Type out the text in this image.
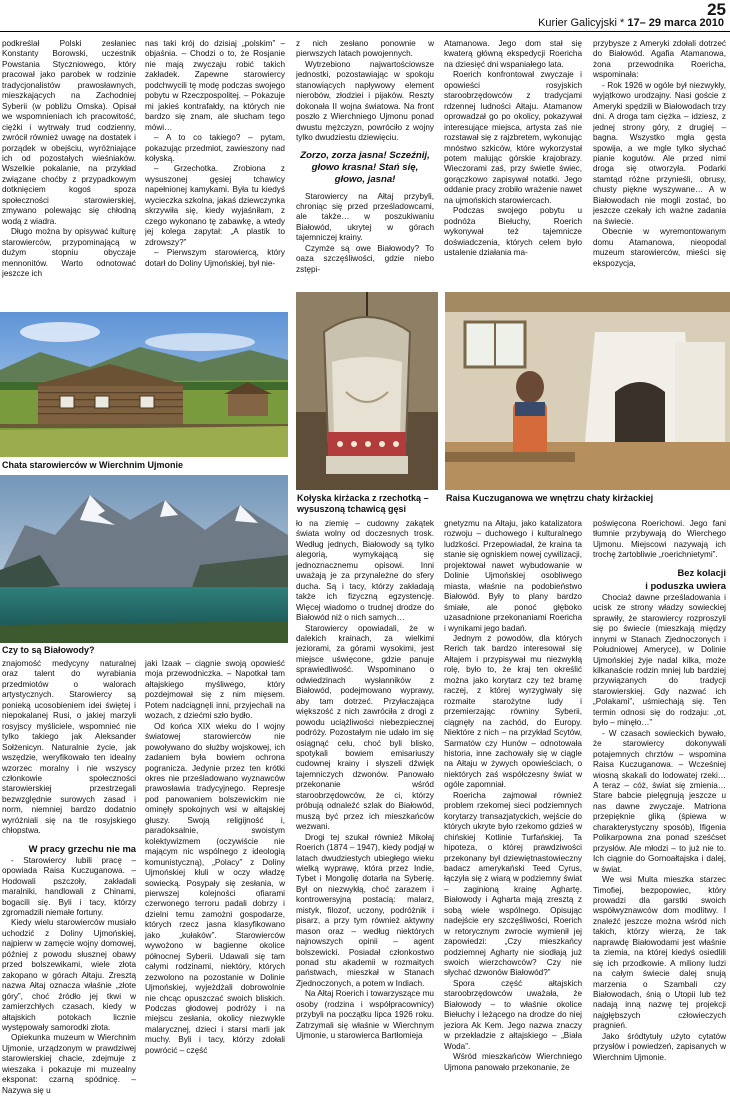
25
Kurier Galicyjski * 17– 29 marca 2010

podkreślał Polski zesłaniec Konstanty Borowski, uczestnik Powstania Styczniowego, który pracował jako parobek w rodzinie tradycjonalistów prawosławnych, mieszkających na Zachodniej Syberii (w pobliżu Omska). Opisał we wspomnieniach ich pracowitość, ciężki i wytrwały trud codzienny, zwrócił również uwagę na dostatek i porządek w obejściu, wyróżniające ich od pozostałych wieśniaków. Wszelkie pokalanie, na przykład związane choćby z przypadkowym dotknięciem kogoś spoza społeczności starowierskiej, zmywano polewając się chłodną wodą z wiadra.

Długo można by opisywać kulturę starowierców, przypominającą w dużym stopniu obyczaje mennonitów. Warto odnotować jeszcze ich

nas taki krój do dzisiaj „polskim” – objaśnia. – Chodzi o to, że Rosjanie nie mają zwyczaju robić takich zakładek. Zapewne starowiercy podchwycili tę modę podczas swojego pobytu w Rzeczpospolitej. – Pokazuje mi jakieś kontrafałdy, na których nie bardzo się znam, ale słucham tego mówi…

– A to co takiego? – pytam, pokazując przedmiot, zawieszony nad kołyską.

– Grzechotka. Zrobiona z wysuszonej gęsiej tchawicy napełnionej kamykami. Była tu kiedyś wycieczka szkolna, jakaś dziewczynka skrzywiła się, kiedy wyjaśniłam, z czego wykonano tę zabawkę, a wtedy jej kolega zapytał: „A plastik to zdrowszy?”

– Pierwszym starowiercą, który dotarł do Doliny Ujmońskiej, był nie-

z nich zesłano ponownie w pierwszych latach powojennych.

Wytrzebiono najwartościowsze jednostki, pozostawiając w spokoju stanowiących napływowy element nierobów, złodziei i pijaków. Reszty dokonała II wojna światowa. Na front poszło z Wierchniego Ujmonu ponad dwustu mężczyzn, powróciło z wojny tylko dwudziestu dziewięciu.

Zorzo, zorza jasna! Sczeźnij, głowo krasna! Stań się, głowo, jasna!

Starowiercy na Ałtaj przybyli, chroniąc się przed prześladowcami, ale także… w poszukiwaniu Białowód, ukrytej w górach tajemniczej krainy.

Czymże są owe Białowody? To oaza szczęśliwości, gdzie niebo zstępi-

Atamanowa. Jego dom stał się kwaterą główną ekspedycji Roericha na dziesięć dni wspaniałego lata.

Roerich konfrontował zwyczaje i opowieści rosyjskich staroobrzędowców z tradycjami rdzennej ludności Ałtaju. Atamanow oprowadzał go po okolicy, pokazywał interesujące miejsca, artysta zaś nie rozstawał się z rajzbretem, wykonując mnóstwo szkiców, które wykorzystał potem malując górskie krajobrazy. Wieczorami zaś, przy świetle świec, gorączkowo zapisywał notatki. Jego oddanie pracy zrobiło wrażenie nawet na ujmońskich starowiercach.

Podczas swojego pobytu u podnóża Biełuchy, Roerich wykonywał też tajemnicze doświadczenia, których celem było ustalenie działania ma-

przybysze z Ameryki zdołali dotrzeć do Białowód. Agafia Atamanowa, żona przewodnika Roericha, wspominała:

- Rok 1926 w ogóle był niezwykły, wyjątkowo urodzajny. Nasi goście z Ameryki spędzili w Białowodach trzy dni. A droga tam ciężka – idziesz, z jednej strony góry, z drugiej – bagna. Wszystko mgła gęsta spowija, a we mgle tylko słychać pianie kogutów. Ale przed nimi droga się otworzyła. Podarki stamtąd różne przynieśli, obrusy, chusty piękne wyszywane… A w Białowodach nie mogli zostać, bo jeszcze czekały ich ważne zadania na świecie.

Obecnie w wyremontowanym domu Atamanowa, nieopodal muzeum starowierców, mieści się ekspozycja,

Chata starowierców w Wierchnim Ujmonie
Czy to są Białowody?
Kołyska kirżacka z rzechotką – wysuszoną tchawicą gęsi
Raisa Kuczuganowa we wnętrzu chaty kirżackiej

znajomość medycyny naturalnej oraz talent do wyrabiania przedmiotów o walorach artystycznych. Starowiercy są ponieką ucosobieniem idei świętej i niepokalanej Rusi, o jakiej marzyli rosyjscy myśliciele, wspomnieć nie tylko takiego jak Aleksander Sołżenicyn. Naturalnie życie, jak wszędzie, weryfikowało ten idealny wzorzec moralny i nie wszyscy członkowie społeczności starowierskiej przestrzegali bezwzględnie surowych zasad i norm, niemniej bardzo dodatnio wyróżniali się na tle rosyjskiego chłopstwa.

W pracy grzechu nie ma

- Starowiercy lubili pracę – opowiada Raisa Kuczuganowa. – Hodowali pszczoły, zakładali maralniki, handlowali z Chinami, bogacili się. Byli i tacy, którzy zgromadzili niemałe fortuny.

Kiedy wielu starowierców musiało uchodzić z Doliny Ujmońskiej, najpierw w zamęcie wojny domowej, później z powodu słusznej obawy przed bolszewikami, wiele złota zakopano w górach Ałtaju. Zresztą nazwa Ałtaj oznacza właśnie „złote góry”, choć źródło jej tkwi w zamierzchłych czasach, kiedy w ałtajskich potokach licznie występowały samorodki złota.

Opiekunka muzeum w Wierchnim Ujmonie, urządzonym w prawdziwej starowierskiej chacie, zdejmuje z wieszaka i pokazuje mi muzealny eksponat: czarną spódnicę. – Nazywa się u

jaki Izaak – ciągnie swoją opowieść moja przewodniczka. – Napotkał tam ałtajskiego myśliwego, który pozdejmował się z nim mięsem. Potem nadciągnęli inni, przyjechali na wozach, z dziećmi szło bydło.

Od końca XIX wieku do I wojny światowej starowierców nie powoływano do służby wojskowej, ich zadaniem była bowiem ochrona pogranicza. Jedynie przez ten krótki okres nie prześladowano wyznawców prawosławia tradycyjnego. Represje pod panowaniem bolszewickim nie ominęły spokojnych wsi w ałtajskiej głuszy. Swoją religijność i, paradoksalnie, swoistym kolektywizmem (oczywiście nie mającym nic wspólnego z ideologią komunistyczną), „Polacy” z Doliny Ujmońskiej kłuli w oczy władzę sowiecką. Posypały się zesłania, w pierwszej kolejności ofiarami czerwonego terroru padali dobrzy i dzielni temu zamożni gospodarze, których rzecz jasna klasyfikowano jako „kułaków”. Starowierców wywożono w bagienne okolice północnej Syberii. Udawali się tam całymi rodzinami, niektóry, których zezwolono na pozostanie w Dolinie Ujmońskiej, wyjeżdżali dobrowolnie nie chcąc opuszczać swoich bliskich. Podczas głodowej podróży i na miejscu zesłania, okolicy niezwykle malarycznej, dzieci i starsi marli jak muchy. Byli i tacy, którzy zdołali powrócić – część

ło na ziemię – cudowny zakątek świata wolny od doczesnych trosk. Według jednych, Białowody są tylko alegorią, wymykającą się jednoznacznemu opisowi. Inni uważają je za przynależne do sfery ducha. Są i tacy, którzy zakładają także ich fizyczną egzystencję. Więcej wiadomo o trudnej drodze do Białowód niż o nich samych…

Starowiercy opowiadali, że w dalekich krainach, za wielkimi jeziorami, za górami wysokimi, jest miejsce uświęcone, gdzie panuje sprawiedliwość. Wspominano o odwiedzinach wysłanników z Białowód, podejmowano wyprawy, aby tam dotrzeć. Przyłaczająca większość z nich zawróciła z drogi z powodu uciążliwości niebezpiecznej podróży. Pozostałym nie udało im się osiągnąć celu, choć byli blisko, spotykali bowiem emisariuszy cudownej krainy i słyszeli dźwięk tajemniczych dzwonów. Panowało przekonanie wśród staroobrzędowców, że ci, którzy próbują odnaleźć szlak do Białowód, muszą być przez ich mieszkańców wezwani.

Drogi tej szukał również Mikołaj Roerich (1874 – 1947), kiedy podjął w latach dwudziestych ubiegłego wieku wielką wyprawę, która przez Indie, Tybet i Mongolię dotarła na Syberię. Był on niezwykłą, choć zarazem i kontrowersyjną postacią: malarz, mistyk, filozof, uczony, podróżnik i pisarz, a przy tym również aktywny mason oraz – według niektórych najnowszych opinii – agent bolszewicki. Posiadał członkostwo ponad stu akademii w rozmaitych państwach, mieszkał w Stanach Zjednoczonych, a potem w Indiach.

Na Ałtaj Roerich i towarzyszące mu osoby (rodzina i współpracownicy) przybyli na początku lipca 1926 roku. Zatrzymali się właśnie w Wierchnym Ujmonie, u starowiercа Bartłomieja

gnetyzmu na Ałtaju, jako katalizatora rozwoju – duchowego i kulturalnego ludzkości. Przepowiadał, że kraina ta stanie się ogniskiem nowej cywilizacji, projektował nawet wybudowanie w Dolinie Ujmońskiej osobliwego miasta, właśnie na podobieństwo Białowód. Były to plany bardzo śmiałe, ale ponoć głęboko uzasadnione przekonaniami Roericha i wynikami jego badań.

Jednym z powodów, dla których Rerich tak bardzo interesował się Ałtajem i przypisywał mu niezwykłą rolę, było to, że kraj ten określić można jako korytarz czy też bramę raczej, z której wyrzygiwały się rozmaite starożytne ludy i przemierzając równiny Syberii, ciągnęły na zachód, do Europy. Niektóre z nich – na przykład Scytów, Sarmatów czy Hunów – odnotowała historia, inne zachowały się w ciągle na Ałtaju w żywych opowieściach, o niektórych zaś współczesny świat w ogóle zapomniał.

Roericha zajmował również problem rzekomej sieci podziemnych korytarzy transazjatyckich, wejście do których ukryte było rzekomo gdzieś w chińskiej Kotlinie Turfańskiej. Ta hipoteza, o której prawdziwości przekonany był dziewiętnastowieczny badacz amerykański Teed Cyrus, łączyła się z wiarą w podziemny świat – zaginioną krainę Aghartę. Białowody i Agharta mają zresztą z sobą wiele wspólnego. Opisując nadejście ery szczęśliwości, Roerich w retorycznym zwrocie wymienił jej zapowiedzi: „Czy mieszkańcy podziemnej Aghartу nie siodłają już swoich wierzchowców? Czy nie słychać dzwonów Białowód?”

Spora część ałtajskich staroobrzędowców uważała, że Białowody – to właśnie okolice Biełuchy i leżącego na drodze do niej jeziora Ak Kem. Jego nazwa znaczy w przekładzie z ałtajskiego – „Biała Woda”.

Wśród mieszkańców Wierchniego Ujmona panowało przekonanie, że

poświęcona Roerichowi. Jego fani tłumnie przybywają do Wierchego Ujmonu. Miejscowi nazywają ich trochę żartobliwie „roerichnietymi”.

Bez kolacji
i poduszka uwiera

Chociaż dawne prześladowania i ucisk ze strony władzy sowieckiej sprawiły, że starowiercy rozproszyli się po świecie (mieszkają między innymi w Stanach Zjednoczonych i Południowej Ameryce), w Dolinie Ujmońskiej żyje nadal kilka, może kilkanaście rodzin mniej lub bardziej przywiązanych do tradycji starowierskiej. Gdy nazwać ich „Polakami”, uśmiechają się. Ten termin odnosi się do rodzaju: „ot, było – minęło…”

- W czasach sowieckich bywało, że starowiercy dokonywali potajemnych chrztów – wspomina Raisa Kuczuganowa. – Wcześniej wiosną skakali do lodowatej rzeki… A teraz – cóż, świat się zmienia… Stare babcie pielęgnują jeszcze u nas dawne zwyczaje. Matriona przepięknie gliką (śpiewa w charakterystyczny sposób), Ifigenia Polikarpowna zna ponad sześćset przysłów. Ale młodzi – to już nie to. Ich ciągnie do Gornoałtajska i dalej, w świat.

We wsi Multa mieszka starzec Timofiej, bezpopowiec, który prowadzi dla garstki swoich współwyznawców dom modlitwy. I znaleźć jeszcze można wśród nich takich, którzy wierzą, że tak naprawdę Białowodami jest właśnie ta ziemia, na której kiedyś osiedlili się ich przodkowie. A miliony ludzi na całym świecie dalej snują marzenia o Szambali czy Białowodach, śnią o Utopii lub też nadają inną nazwę tej projekcji najgłębszych człowieczych pragnień.

Jako śródtytuły użyto cytatów przysłów i powiedzeń, zapisanych w Wierchnim Ujmonie.
